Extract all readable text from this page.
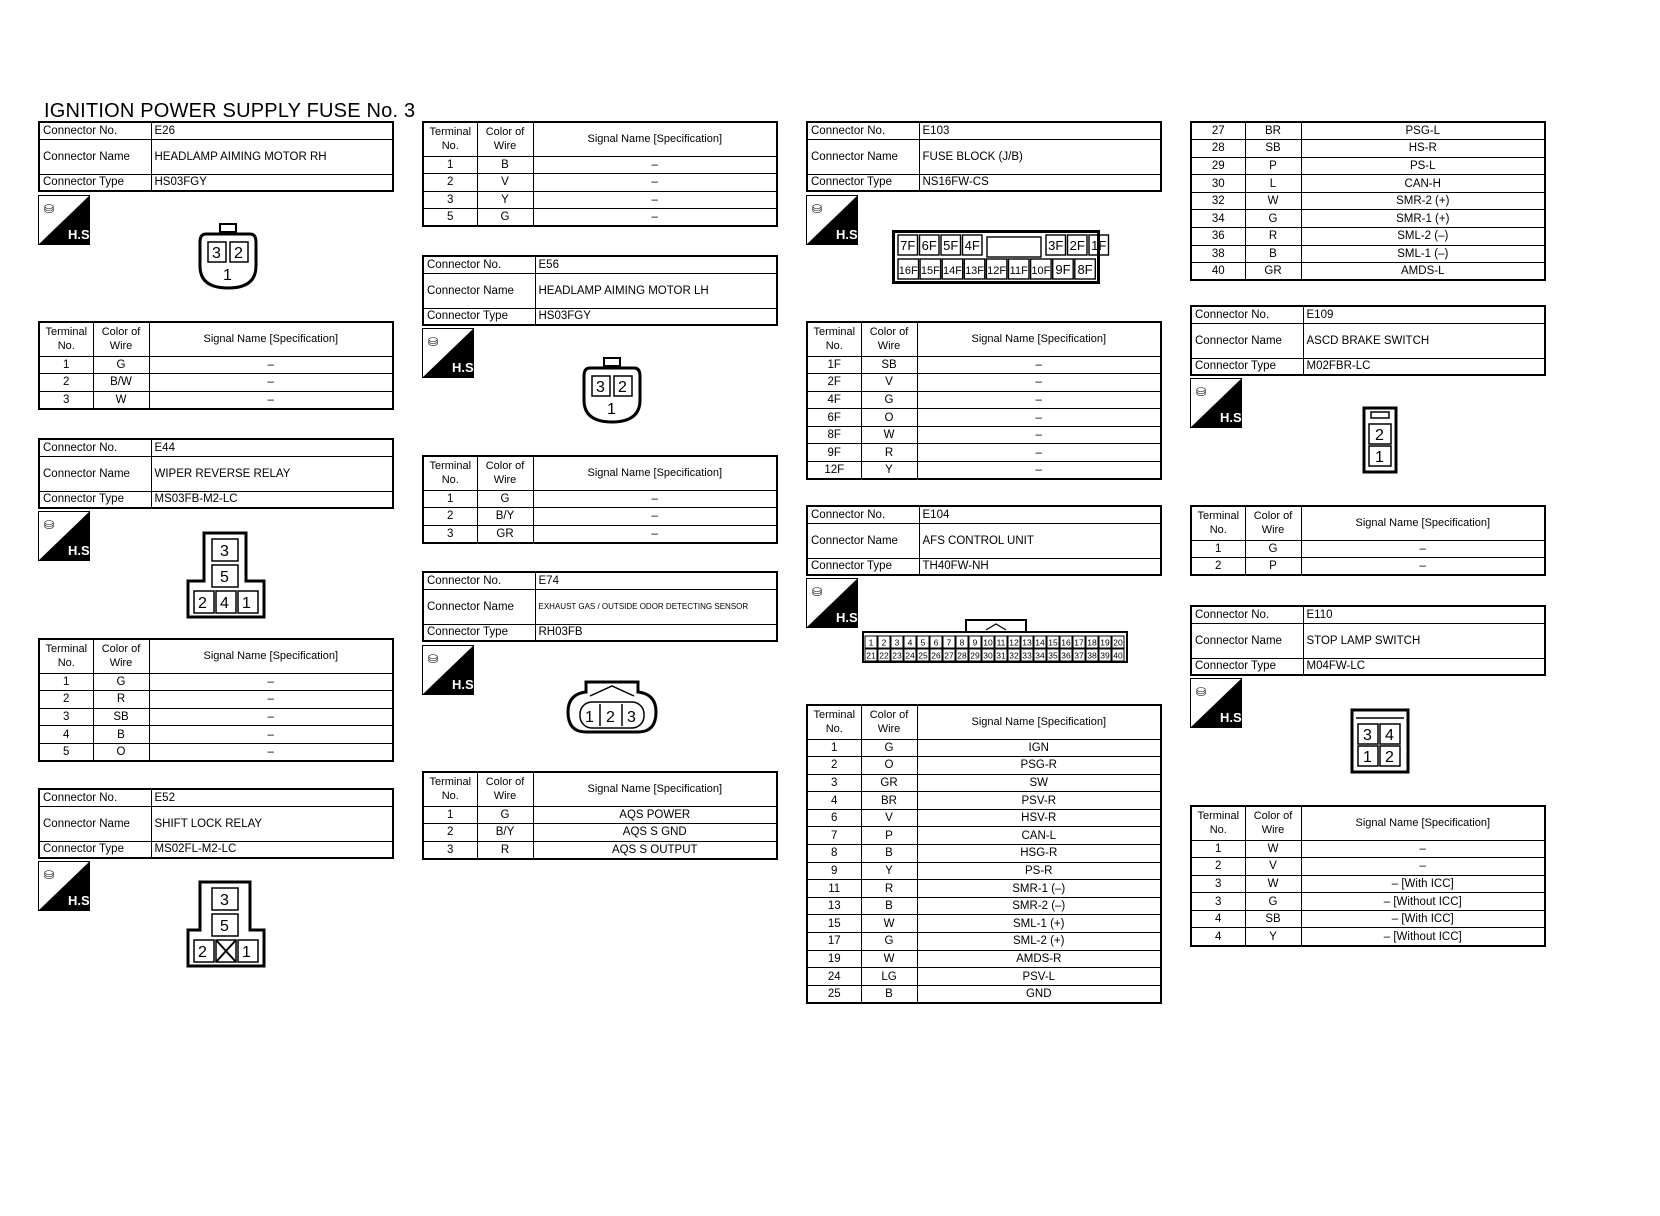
IGNITION POWER SUPPLY FUSE No. 3
Connector No.	E26
Connector Name	HEADLAMP AIMING MOTOR RH
Connector Type	HS03FGY
⛁
H.S.
3 2
1
Terminal No.	Color of Wire	Signal Name [Specification]
1	G	–
2	B/W	–
3	W	–
Connector No.	E44
Connector Name	WIPER REVERSE RELAY
Connector Type	MS03FB-M2-LC
⛁
H.S.	3
5
2 4 1
Terminal No.	Color of Wire	Signal Name [Specification]
1	G	–
2	R	–
3	SB	–
4	B	–
5	O	–
Connector No.	E52
Connector Name	SHIFT LOCK RELAY
Connector Type	MS02FL-M2-LC
⛁
H.S.	3
5
2 1
Terminal No.	Color of Wire	Signal Name [Specification]
1	B	–
2	V	–
3	Y	–
5	G	–
Connector No.	E56
Connector Name	HEADLAMP AIMING MOTOR LH
Connector Type	HS03FGY
⛁
H.S.
3 2
1
Terminal No.	Color of Wire	Signal Name [Specification]
1	G	–
2	B/Y	–
3	GR	–
Connector No.	E74
Connector Name	EXHAUST GAS / OUTSIDE ODOR DETECTING SENSOR
Connector Type	RH03FB
⛁
H.S.
1 2 3
Terminal No.	Color of Wire	Signal Name [Specification]
1	G	AQS POWER
2	B/Y	AQS S GND
3	R	AQS S OUTPUT
Connector No.	E103
Connector Name	FUSE BLOCK (J/B)
Connector Type	NS16FW-CS
⛁
H.S.
7F 6F 5F 4F	3F 2F 1F
16F 15F 14F 13F 12F 11F 10F 9F 8F
Terminal No.	Color of Wire	Signal Name [Specification]
1F	SB	–
2F	V	–
4F	G	–
6F	O	–
8F	W	–
9F	R	–
12F	Y	–
Connector No.	E104
Connector Name	AFS CONTROL UNIT
Connector Type	TH40FW-NH
⛁
H.S.
1 2 3 4 5 6 7 8 9 10 11 12 13 14 15 16 17 18 19 20
21 22 23 24 25 26 27 28 29 30 31 32 33 34 35 36 37 38 39 40
Terminal No.	Color of Wire	Signal Name [Specification]
1	G	IGN
2	O	PSG-R
3	GR	SW
4	BR	PSV-R
6	V	HSV-R
7	P	CAN-L
8	B	HSG-R
9	Y	PS-R
11	R	SMR-1 (–)
13	B	SMR-2 (–)
15	W	SML-1 (+)
17	G	SML-2 (+)
19	W	AMDS-R
24	LG	PSV-L
25	B	GND
27	BR	PSG-L
28	SB	HS-R
29	P	PS-L
30	L	CAN-H
32	W	SMR-2 (+)
34	G	SMR-1 (+)
36	R	SML-2 (–)
38	B	SML-1 (–)
40	GR	AMDS-L
Connector No.	E109
Connector Name	ASCD BRAKE SWITCH
Connector Type	M02FBR-LC
⛁
H.S.
2
1
Terminal No.	Color of Wire	Signal Name [Specification]
1	G	–
2	P	–
Connector No.	E110
Connector Name	STOP LAMP SWITCH
Connector Type	M04FW-LC
⛁
H.S.
3 4
1 2
Terminal No.	Color of Wire	Signal Name [Specification]
1	W	–
2	V	–
3	W	– [With ICC]
3	G	– [Without ICC]
4	SB	– [With ICC]
4	Y	– [Without ICC]
